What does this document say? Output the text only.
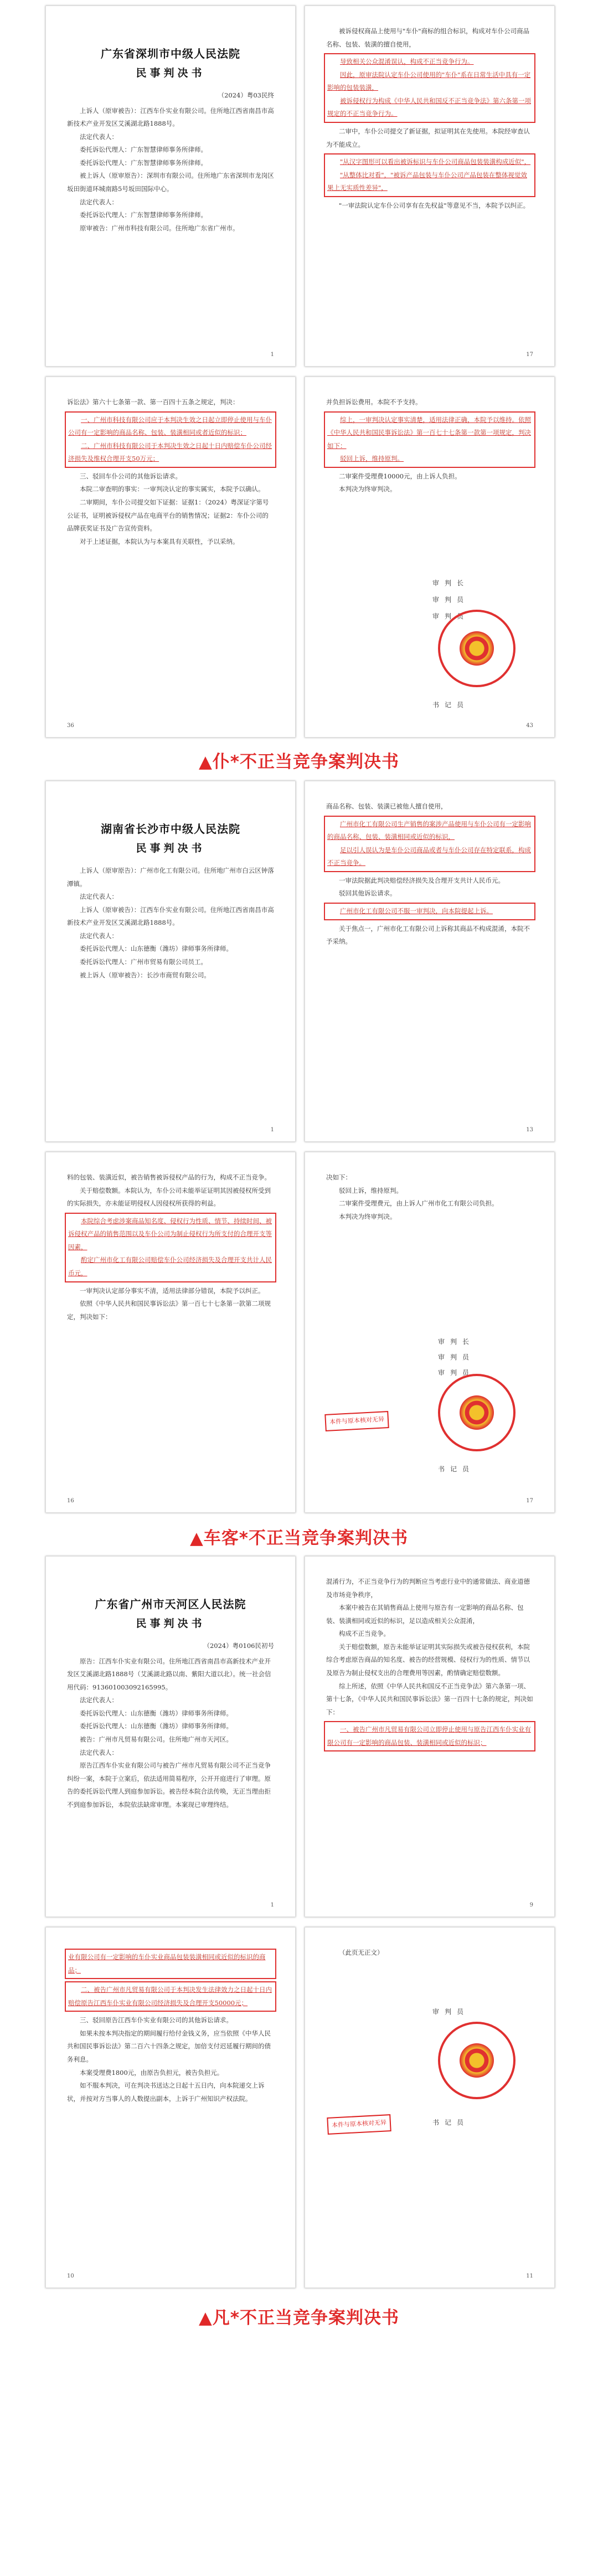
广东省深圳市中级人民法院
民事判决书
（2024）粤03民终

上诉人（原审被告）：江西车仆实业有限公司。住所地江西省南昌市高新技术产业开发区艾溪湖北路1888号。

法定代表人：

委托诉讼代理人：广东智慧律师事务所律师。

委托诉讼代理人：广东智慧律师事务所律师。

被上诉人（原审原告）：深圳市有限公司。住所地广东省深圳市龙岗区坂田街道环城南路5号坂田国际中心。

法定代表人：

委托诉讼代理人：广东智慧律师事务所律师。

原审被告：广州市科技有限公司。住所地广东省广州市。

1

被诉侵权商品上使用与"车仆"商标的组合标识，构成对车仆公司商品名称、包装、装潢的擅自使用，

导致相关公众混淆误认，构成不正当竞争行为。

因此，原审法院认定车仆公司使用的"车仆"系在日常生活中具有一定影响的包装装潢，

被诉侵权行为构成《中华人民共和国反不正当竞争法》第六条第一项规定的不正当竞争行为。

二审中，车仆公司提交了新证据，拟证明其在先使用。本院经审查认为不能成立。

"从汉字图形可以看出被诉标识与车仆公司商品包装装潢构成近似"，

"从整体比对看"，"被诉产品包装与车仆公司产品包装在整体视觉效果上无实质性差异"，

"一审法院认定车仆公司享有在先权益"等意见不当，本院予以纠正。

17

诉讼法》第六十七条第一款、第一百四十五条之规定，判决：

一、广州市科技有限公司应于本判决生效之日起立即停止使用与车仆公司有一定影响的商品名称、包装、装潢相同或者近似的标识；

二、广州市科技有限公司于本判决生效之日起十日内赔偿车仆公司经济损失及维权合理开支50万元；

三、驳回车仆公司的其他诉讼请求。

本院二审查明的事实：一审判决认定的事实属实，本院予以确认。

二审期间，车仆公司提交如下证据：证据1：（2024）粤深证字第号公证书，证明被诉侵权产品在电商平台的销售情况；证据2：车仆公司的品牌获奖证书及广告宣传资料。

对于上述证据，本院认为与本案具有关联性，予以采纳。

36

并负担诉讼费用。本院不予支持。

综上，一审判决认定事实清楚，适用法律正确，本院予以维持。依照《中华人民共和国民事诉讼法》第一百七十七条第一款第一项规定，判决如下：

驳回上诉，维持原判。

二审案件受理费10000元，由上诉人负担。

本判决为终审判决。

审判长
审判员
审判员
书记员
43
▲仆*不正当竞争案判决书
湖南省长沙市中级人民法院
民事判决书

上诉人（原审原告）：广州市化工有限公司。住所地广州市白云区钟落潭镇。

法定代表人：

上诉人（原审被告）：江西车仆实业有限公司。住所地江西省南昌市高新技术产业开发区艾溪湖北路1888号。

法定代表人：

委托诉讼代理人：山东德衡（潍坊）律师事务所律师。

委托诉讼代理人：广州市贸易有限公司员工。

被上诉人（原审被告）：长沙市商贸有限公司。

1

商品名称、包装、装潢已被他人擅自使用，

广州市化工有限公司生产销售的案涉产品使用与车仆公司有一定影响的商品名称、包装、装潢相同或近似的标识，

足以引人误认为是车仆公司商品或者与车仆公司存在特定联系，构成不正当竞争。

一审法院据此判决赔偿经济损失及合理开支共计人民币元。

驳回其他诉讼请求。

广州市化工有限公司不服一审判决，向本院提起上诉。

关于焦点一，广州市化工有限公司上诉称其商品不构成混淆，本院不予采纳。

13

料的包装、装潢近似，被告销售被诉侵权产品的行为，构成不正当竞争。

关于赔偿数额。本院认为，车仆公司未能举证证明其因被侵权所受到的实际损失，亦未能证明侵权人因侵权所获得的利益。

本院综合考虑涉案商品知名度、侵权行为性质、情节、持续时间、被诉侵权产品的销售范围以及车仆公司为制止侵权行为所支付的合理开支等因素，

酌定广州市化工有限公司赔偿车仆公司经济损失及合理开支共计人民币元，

一审判决认定部分事实不清，适用法律部分错误，本院予以纠正。

依照《中华人民共和国民事诉讼法》第一百七十七条第一款第二项规定，判决如下：

16

决如下：

驳回上诉，维持原判。

二审案件受理费元，由上诉人广州市化工有限公司负担。

本判决为终审判决。

审判长
审判员
审判员
本件与原本核对无异
书记员
17
▲车客*不正当竞争案判决书
广东省广州市天河区人民法院
民事判决书
（2024）粤0106民初号

原告：江西车仆实业有限公司。住所地江西省南昌市高新技术产业开发区艾溪湖北路1888号（艾溪湖北路以南、紫阳大道以北）。统一社会信用代码：913601003092165995。

法定代表人：

委托诉讼代理人：山东德衡（潍坊）律师事务所律师。

委托诉讼代理人：山东德衡（潍坊）律师事务所律师。

被告：广州市凡贸易有限公司。住所地广州市天河区。

法定代表人：

原告江西车仆实业有限公司与被告广州市凡贸易有限公司不正当竞争纠纷一案，本院于立案后，依法适用简易程序，公开开庭进行了审理。原告的委托诉讼代理人到庭参加诉讼。被告经本院合法传唤，无正当理由拒不到庭参加诉讼，本院依法缺席审理。本案现已审理终结。

1

混淆行为，不正当竞争行为的判断应当考虑行业中的通常做法、商业道德及市场竞争秩序，

本案中被告在其销售商品上使用与原告有一定影响的商品名称、包装、装潢相同或近似的标识，足以造成相关公众混淆，

构成不正当竞争。

关于赔偿数额，原告未能举证证明其实际损失或被告侵权获利，本院综合考虑原告商品的知名度、被告的经营规模、侵权行为的性质、情节以及原告为制止侵权支出的合理费用等因素，酌情确定赔偿数额。

综上所述，依照《中华人民共和国反不正当竞争法》第六条第一项、第十七条，《中华人民共和国民事诉讼法》第一百四十七条的规定，判决如下：

一、被告广州市凡贸易有限公司立即停止使用与原告江西车仆实业有限公司有一定影响的商品包装、装潢相同或近似的标识；

9

业有限公司有一定影响的车仆实业商品包装装潢相同或近似的标识的商品；

二、被告广州市凡贸易有限公司于本判决发生法律效力之日起十日内赔偿原告江西车仆实业有限公司经济损失及合理开支50000元；

三、驳回原告江西车仆实业有限公司的其他诉讼请求。

如果未按本判决指定的期间履行给付金钱义务，应当依照《中华人民共和国民事诉讼法》第二百六十四条之规定，加倍支付迟延履行期间的债务利息。

本案受理费1800元，由原告负担元，被告负担元。

如不服本判决，可在判决书送达之日起十五日内，向本院递交上诉状，并按对方当事人的人数提出副本，上诉于广州知识产权法院。

10

（此页无正文）

审判员
本件与原本核对无异	书记员
11
▲凡*不正当竞争案判决书
